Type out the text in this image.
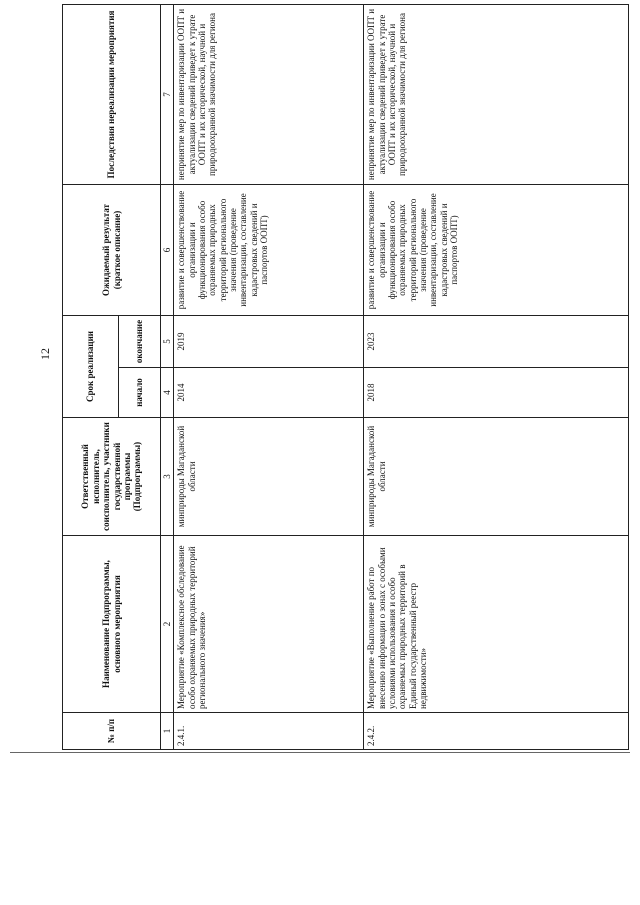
12
№ п/п	Наименование Подпрограммы, основного мероприятия	Ответственный исполнитель, соисполнитель, участники государственной программы (Подпрограммы)	Срок реализации		Ожидаемый результат (краткое описание)	Последствия нереализации мероприятия
			начало	окончание		
1	2	3	4	5	6	7
2.4.1.	Мероприятие «Комплексное обследование особо охраняемых природных территорий регионального значения»	минприроды Магаданской области	2014	2019	развитие и совершенствование организации и функционирования особо охраняемых природных территорий регионального значения (проведение инвентаризации, составление кадастровых сведений и паспортов ООПТ)	непринятие мер по инвентаризации ООПТ и актуализации сведений приведет к утрате ООПТ и их исторической, научной и природоохранной значимости для региона
2.4.2.	Мероприятие «Выполнение работ по внесению информации о зонах с особыми условиями использования и особо охраняемых природных территорий в Единый государственный реестр недвижимости»	минприроды Магаданской области	2018	2023	развитие и совершенствование организации и функционирования особо охраняемых природных территорий регионального значения (проведение инвентаризации, составление кадастровых сведений и паспортов ООПТ)	непринятие мер по инвентаризации ООПТ и актуализации сведений приведет к утрате ООПТ и их исторической, научной и природоохранной значимости для региона
